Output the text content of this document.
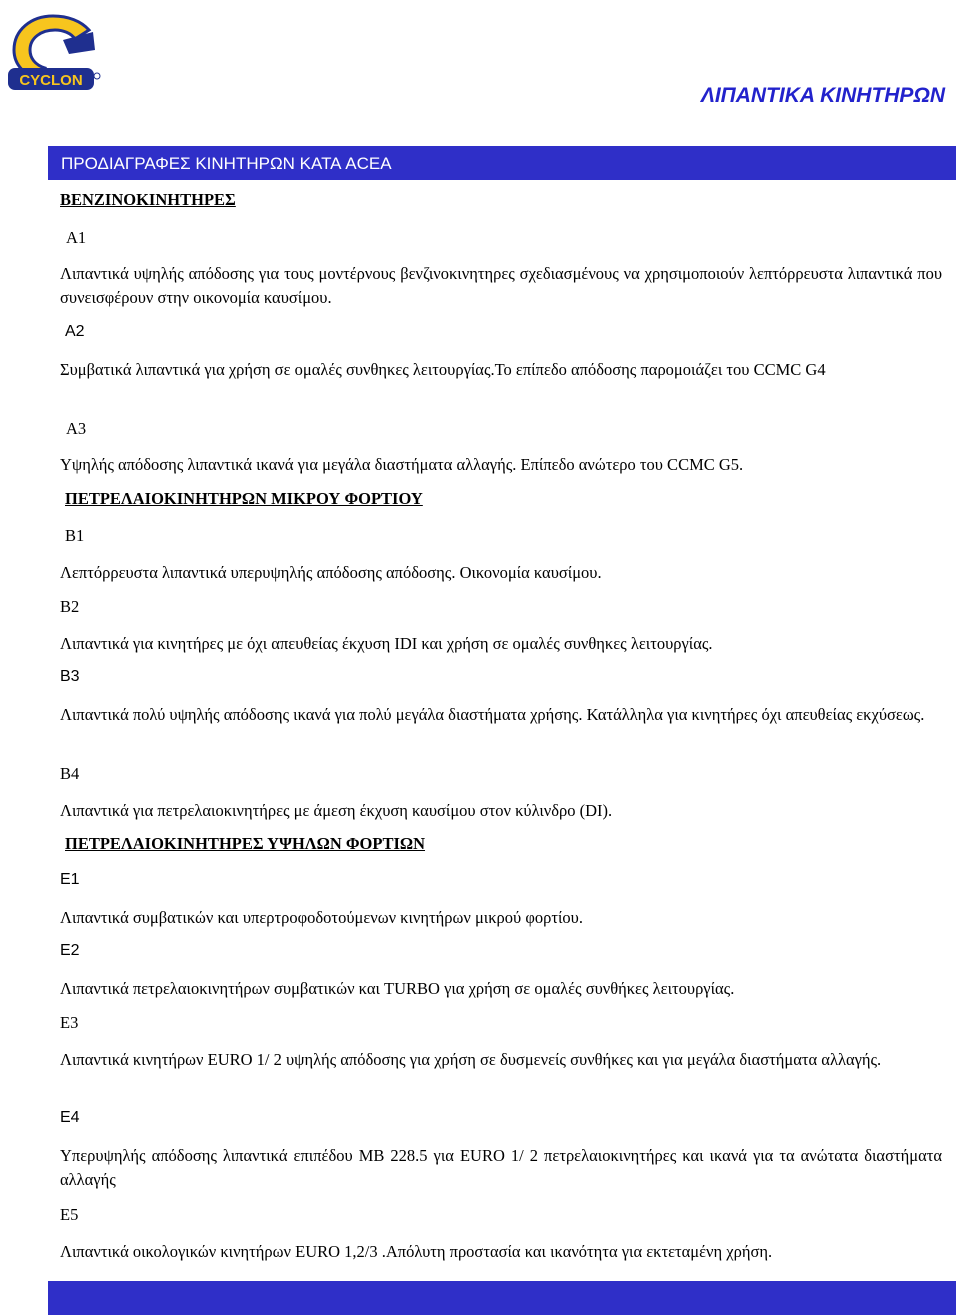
CYCLON
ΛΙΠΑΝΤΙΚΑ ΚΙΝΗΤΗΡΩΝ
ΠΡΟΔΙΑΓΡΑΦΕΣ ΚΙΝΗΤΗΡΩΝ ΚΑΤΑ ACEA
ΒΕΝΖΙΝΟΚΙΝΗΤΗΡΕΣ
A1
Λιπαντικά υψηλής απόδοσης για τους μοντέρνους βενζινοκινητηρες σχεδιασμένους να χρησιμοποιούν λεπτόρρευστα λιπαντικά που συνεισφέρουν στην οικονομία καυσίμου.
A2
Συμβατικά λιπαντικά για χρήση σε ομαλές συνθηκες λειτουργίας.Το επίπεδο απόδοσης παρομοιάζει του CCMC G4
A3
Υψηλής απόδοσης λιπαντικά ικανά για μεγάλα διαστήματα αλλαγής. Επίπεδο ανώτερο του CCMC G5.
ΠΕΤΡΕΛΑΙΟΚΙΝΗΤΗΡΩΝ ΜΙΚΡΟΥ ΦΟΡΤΙΟΥ
B1
Λεπτόρρευστα λιπαντικά υπερυψηλής απόδοσης απόδοσης. Οικονομία καυσίμου.
B2
Λιπαντικά για κινητήρες με όχι απευθείας έκχυση IDI και χρήση σε ομαλές συνθηκες λειτουργίας.
B3
Λιπαντικά πολύ υψηλής απόδοσης ικανά για πολύ μεγάλα διαστήματα χρήσης. Κατάλληλα για κινητήρες όχι απευθείας εκχύσεως.
B4
Λιπαντικά για πετρελαιοκινητήρες με άμεση έκχυση καυσίμου στον κύλινδρο (DI).
ΠΕΤΡΕΛΑΙΟΚΙΝΗΤΗΡΕΣ ΥΨΗΛΩΝ ΦΟΡΤΙΩΝ
E1
Λιπαντικά συμβατικών και υπερτροφοδοτούμενων κινητήρων μικρού φορτίου.
E2
Λιπαντικά πετρελαιοκινητήρων συμβατικών και TURBO για χρήση σε ομαλές συνθήκες λειτουργίας.
E3
Λιπαντικά κινητήρων EURO 1/ 2 υψηλής απόδοσης για χρήση σε δυσμενείς συνθήκες και για μεγάλα διαστήματα αλλαγής.
E4
Υπερυψηλής απόδοσης λιπαντικά επιπέδου MB 228.5 για EURO 1/ 2 πετρελαιοκινητήρες και ικανά για τα ανώτατα διαστήματα αλλαγής
E5
Λιπαντικά οικολογικών κινητήρων EURO 1,2/3 .Απόλυτη προστασία και ικανότητα για εκτεταμένη χρήση.
